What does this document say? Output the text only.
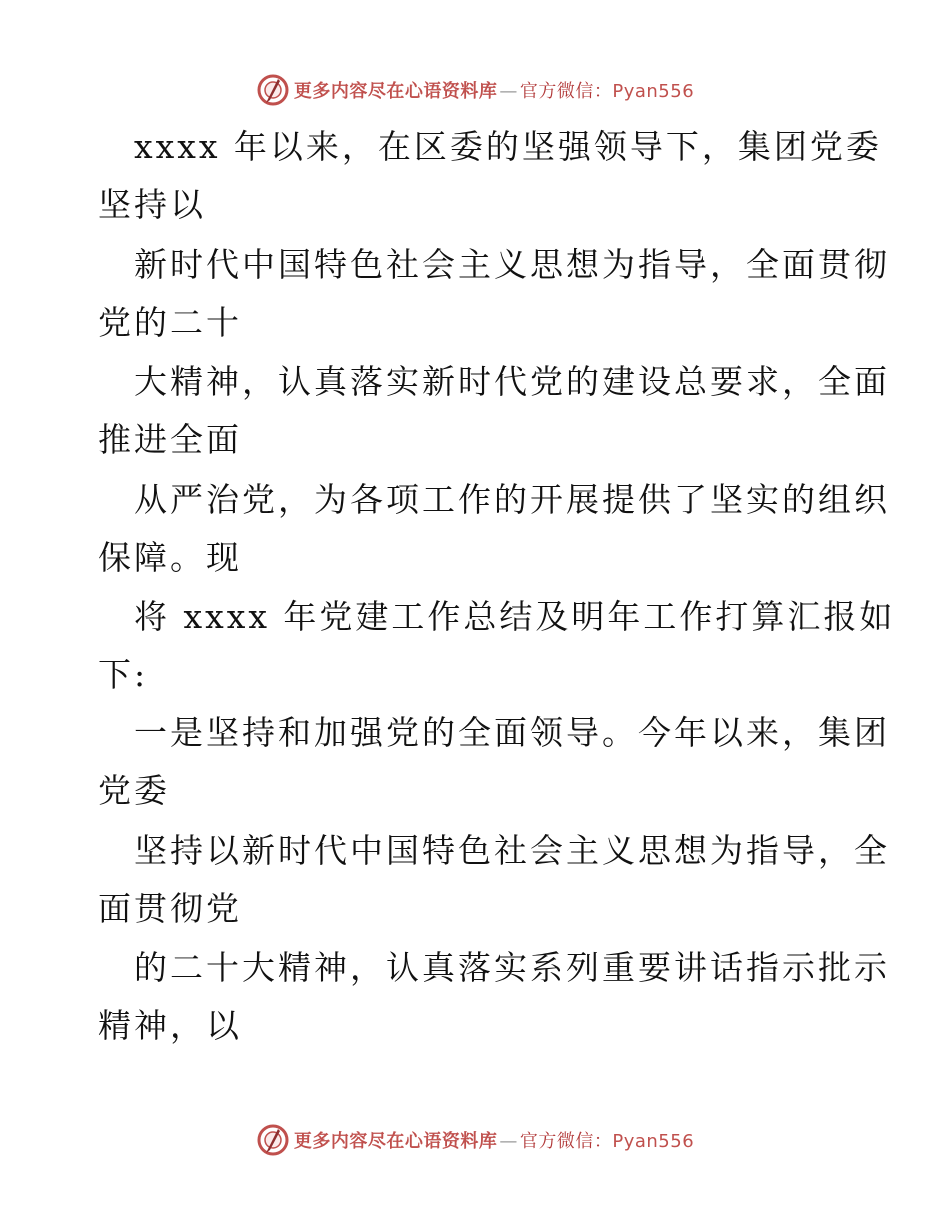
更多内容尽在心语资料库 — 官方微信：Pyan556
xxxx 年以来，在区委的坚强领导下，集团党委
坚持以
新时代中国特色社会主义思想为指导，全面贯彻
党的二十
大精神，认真落实新时代党的建设总要求，全面
推进全面
从严治党，为各项工作的开展提供了坚实的组织
保障。现
将 xxxx 年党建工作总结及明年工作打算汇报如
下:
一是坚持和加强党的全面领导。今年以来，集团
党委
坚持以新时代中国特色社会主义思想为指导，全
面贯彻党
的二十大精神，认真落实系列重要讲话指示批示
精神，以
更多内容尽在心语资料库 — 官方微信：Pyan556
